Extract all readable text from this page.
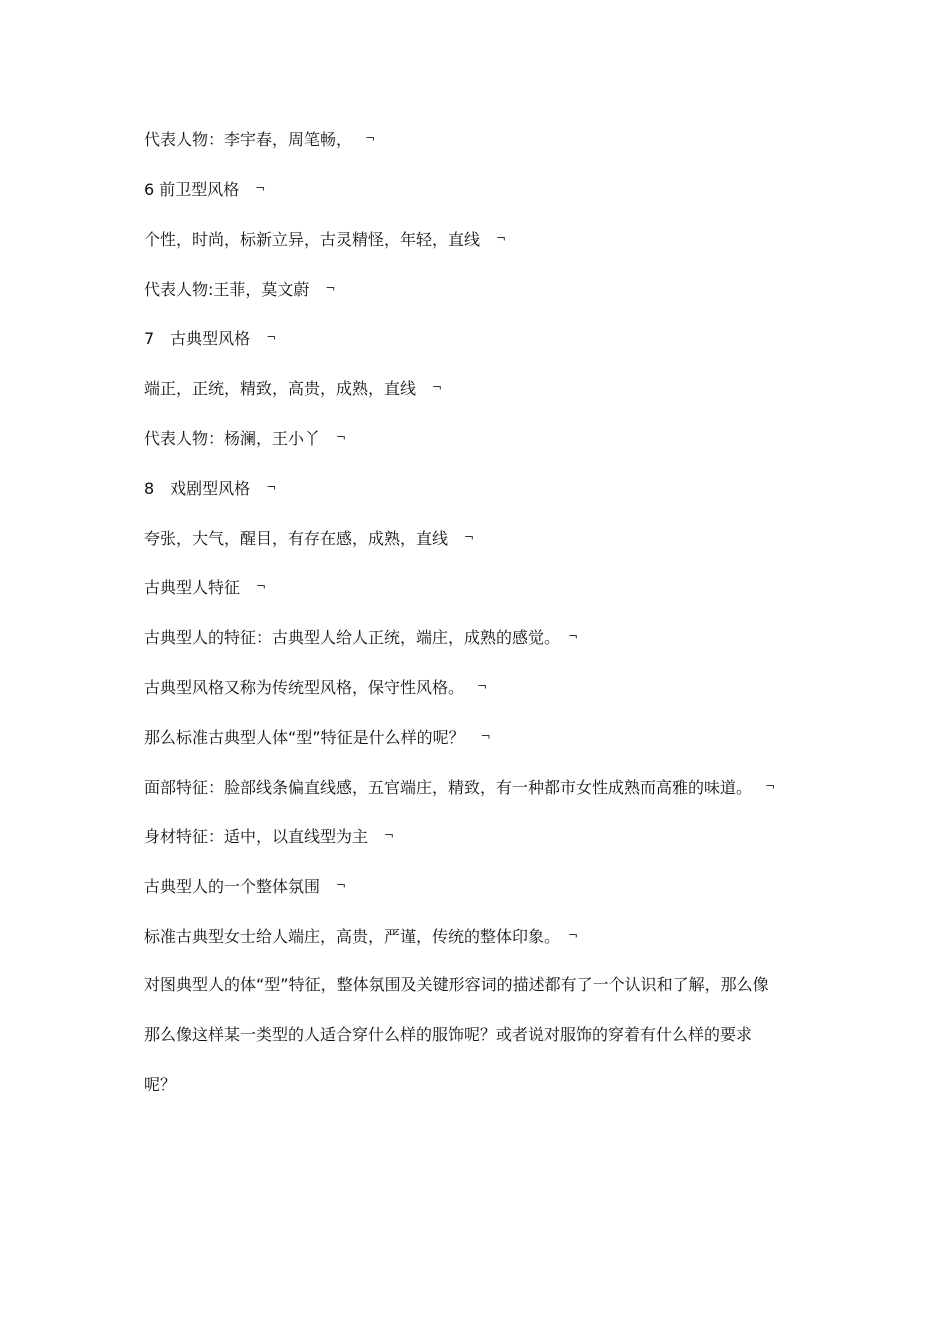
代表人物：李宇春，周笔畅，　 ¬
6 前卫型风格　 ¬
个性，时尚，标新立异，古灵精怪，年轻，直线　 ¬
代表人物:王菲，莫文蔚　 ¬
7　古典型风格　 ¬
端正，正统，精致，高贵，成熟，直线　 ¬
代表人物：杨澜，王小丫　 ¬
8　戏剧型风格　 ¬
夸张，大气，醒目，有存在感，成熟，直线　 ¬
古典型人特征　 ¬
古典型人的特征：古典型人给人正统，端庄，成熟的感觉。　 ¬
古典型风格又称为传统型风格，保守性风格。　 ¬
那么标准古典型人体“型”特征是什么样的呢？　 ¬
面部特征：脸部线条偏直线感，五官端庄，精致，有一种都市女性成熟而高雅的味道。　 ¬
身材特征：适中，以直线型为主　 ¬
古典型人的一个整体氛围　 ¬
标准古典型女士给人端庄，高贵，严谨，传统的整体印象。　 ¬
对图典型人的体“型”特征，整体氛围及关键形容词的描述都有了一个认识和了解，那么像
那么像这样某一类型的人适合穿什么样的服饰呢？或者说对服饰的穿着有什么样的要求
呢？
